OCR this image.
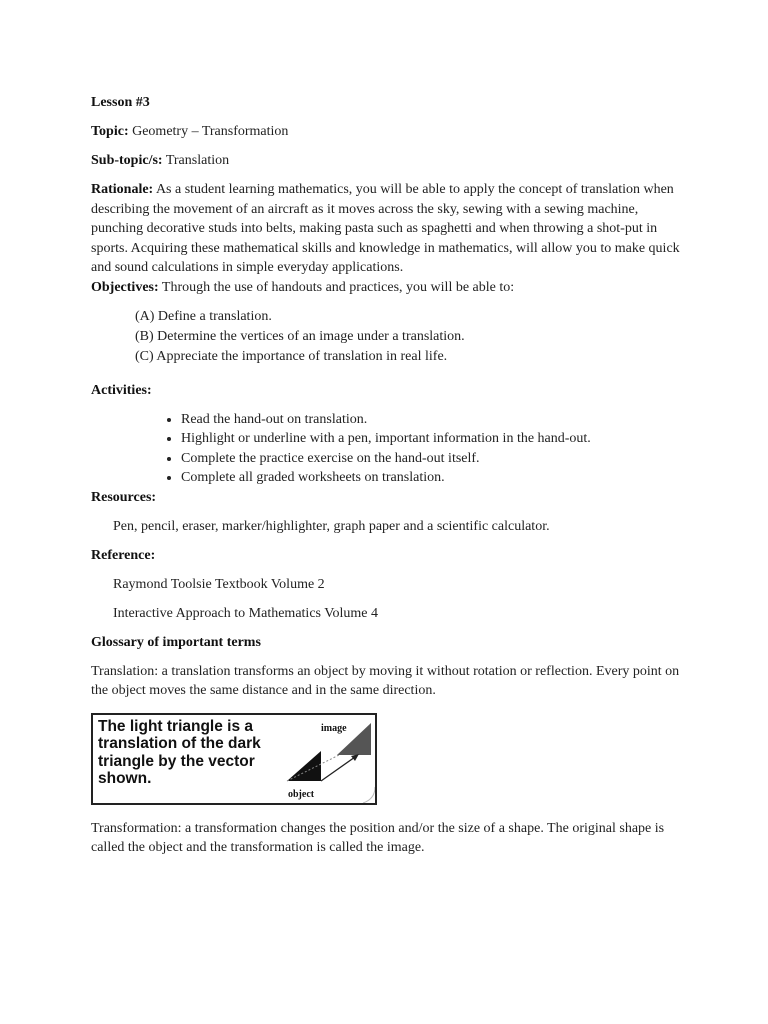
Lesson #3

Topic: Geometry – Transformation

Sub-topic/s: Translation

Rationale: As a student learning mathematics, you will be able to apply the concept of translation when describing the movement of an aircraft as it moves across the sky, sewing with a sewing machine, punching decorative studs into belts, making pasta such as spaghetti and when throwing a shot-put in sports. Acquiring these mathematical skills and knowledge in mathematics, will allow you to make quick and sound calculations in simple everyday applications.

Objectives: Through the use of handouts and practices, you will be able to:

(A) Define a translation.
(B) Determine the vertices of an image under a translation.
(C) Appreciate the importance of translation in real life.

Activities:

• Read the hand-out on translation.
• Highlight or underline with a pen, important information in the hand-out.
• Complete the practice exercise on the hand-out itself.
• Complete all graded worksheets on translation.

Resources:

Pen, pencil, eraser, marker/highlighter, graph paper and a scientific calculator.

Reference:

Raymond Toolsie Textbook Volume 2

Interactive Approach to Mathematics Volume 4

Glossary of important terms

Translation: a translation transforms an object by moving it without rotation or reflection. Every point on the object moves the same distance and in the same direction.

The light triangle is a translation of the dark triangle by the vector shown.
image
object

Transformation: a transformation changes the position and/or the size of a shape. The original shape is called the object and the transformation is called the image.
